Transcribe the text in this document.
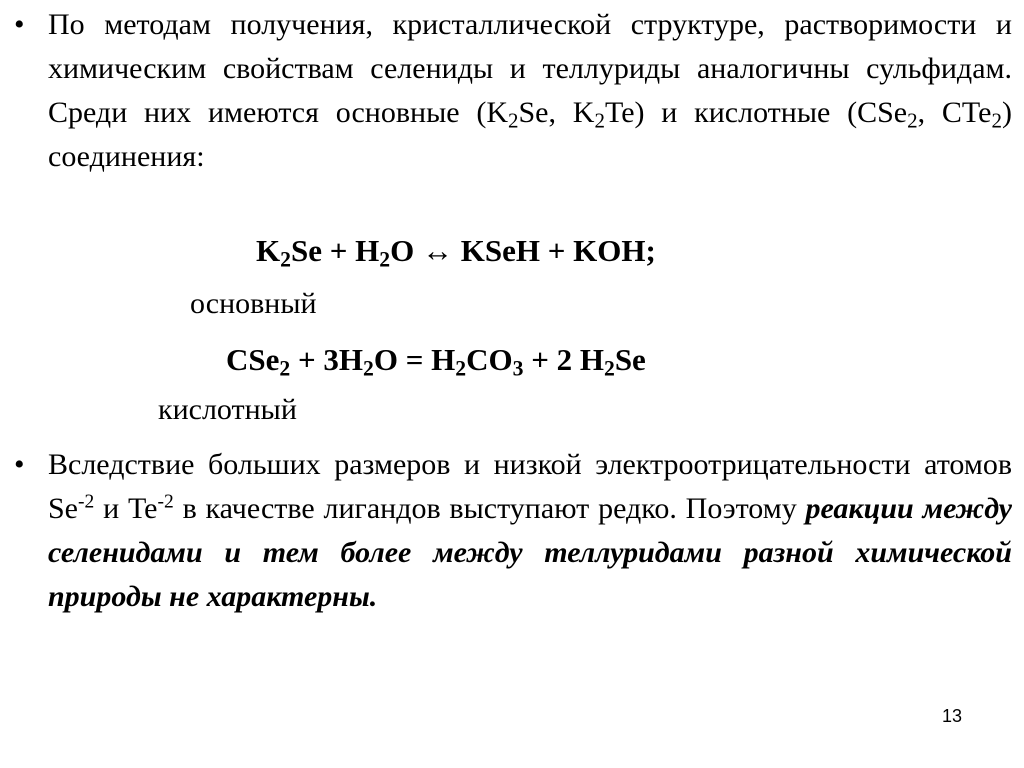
• По методам получения, кристаллической структуре, растворимости и химическим свойствам селениды и теллуриды аналогичны сульфидам. Среди них имеются основные ($K_2Se$, $K_2Te$) и кислотные (CSe$_2$, CTe$_2$) соединения:
$K_2Se + H_2O$ ↔ KSeH + KOH;
основный
$CSe_2 + 3H_2O = H_2CO_3 + 2$ $H_2Se$
кислотный
• Вследствие больших размеров и низкой электроотрицательности атомов $Se^{-2}$ и $Te^{-2}$ в качестве лигандов выступают редко. Поэтому реакции между селенидами и тем более между теллуридами разной химической природы не характерны.
13
